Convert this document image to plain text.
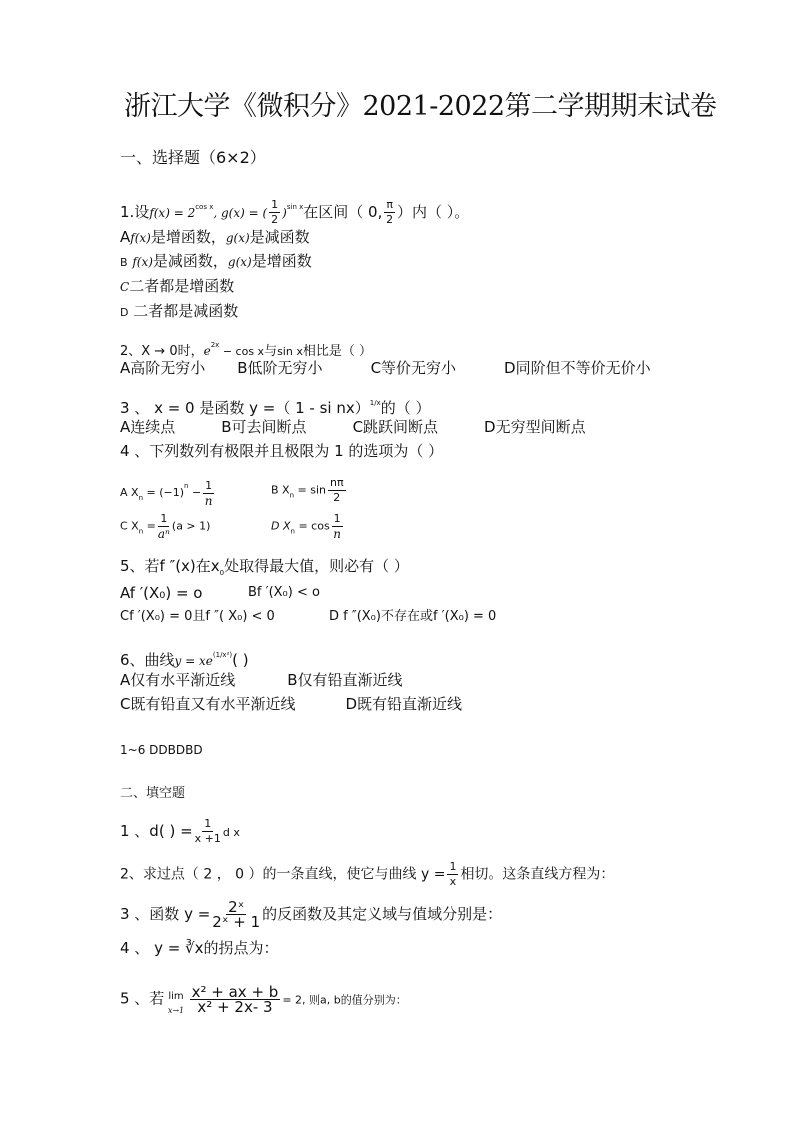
浙江大学《微积分》2021-2022第二学期期末试卷
一、选择题（6×2）
1.设$f(x) = 2^{cos x}$, g(x) = ( $\frac{1}{2} )^{sin x}$在区间（ 0, $\frac{\pi}{2}$ ）内（ ）。
Af(x)是增函数，g(x)是减函数
B f(x)是减函数，g(x)是增函数
C二者都是增函数
D 二者都是减函数
2、X → 0时，$e^{2x} - \cos x$与sin x相比是（ ）
A高阶无穷小 B低阶无穷小	C等价无穷小	D同阶但不等价无价小
3 、 x = 0 是函数 y =（ 1 - si nx）$^{1/x}$的（ ）
A连续点	B可去间断点	C跳跃间断点	D无穷型间断点
4 、下列数列有极限并且极限为 1 的选项为（ ）
A $X_n = (-1)^n - \frac{1}{n}$	B $X_n = \sin \frac{n\pi}{2}$
C $X_n = \frac{1}{\text{aⁿ}} (a > 1)$	D $X_n = \cos \frac{1}{n}$
5、若f ″(x)在$x_0$处取得最大值，则必有（ ）
Af ′(X₀) = o	Bf ′(X₀) < o
Cf ′(X₀) = 0且f ″( X₀) < 0	D f ″(X₀)不存在或f ′(X₀) = 0
6、曲线$y = xe^{(1/x^2)}$( )
A仅有水平渐近线	B仅有铅直渐近线
C既有铅直又有水平渐近线	D既有铅直渐近线
1~6 DDBDBD
二、填空题
1 、d( ) = $\frac{1}{x +1}$ d x
2、求过点（ 2 ， 0 ）的一条直线，使它与曲线 $y = \frac{1}{x}$ 相切。这条直线方程为：
3 、函数 $y = \frac{\text{2ˣ}}{\text{2ˣ + 1}}$ 的反函数及其定义域与值域分别是：
4 、 y = ∛x的拐点为：
5 、若 lim
$x\to 1 \frac{\text{x² + ax + b}}{\text{x² + 2x- 3}} = 2$, 则a, b的值分别为：
